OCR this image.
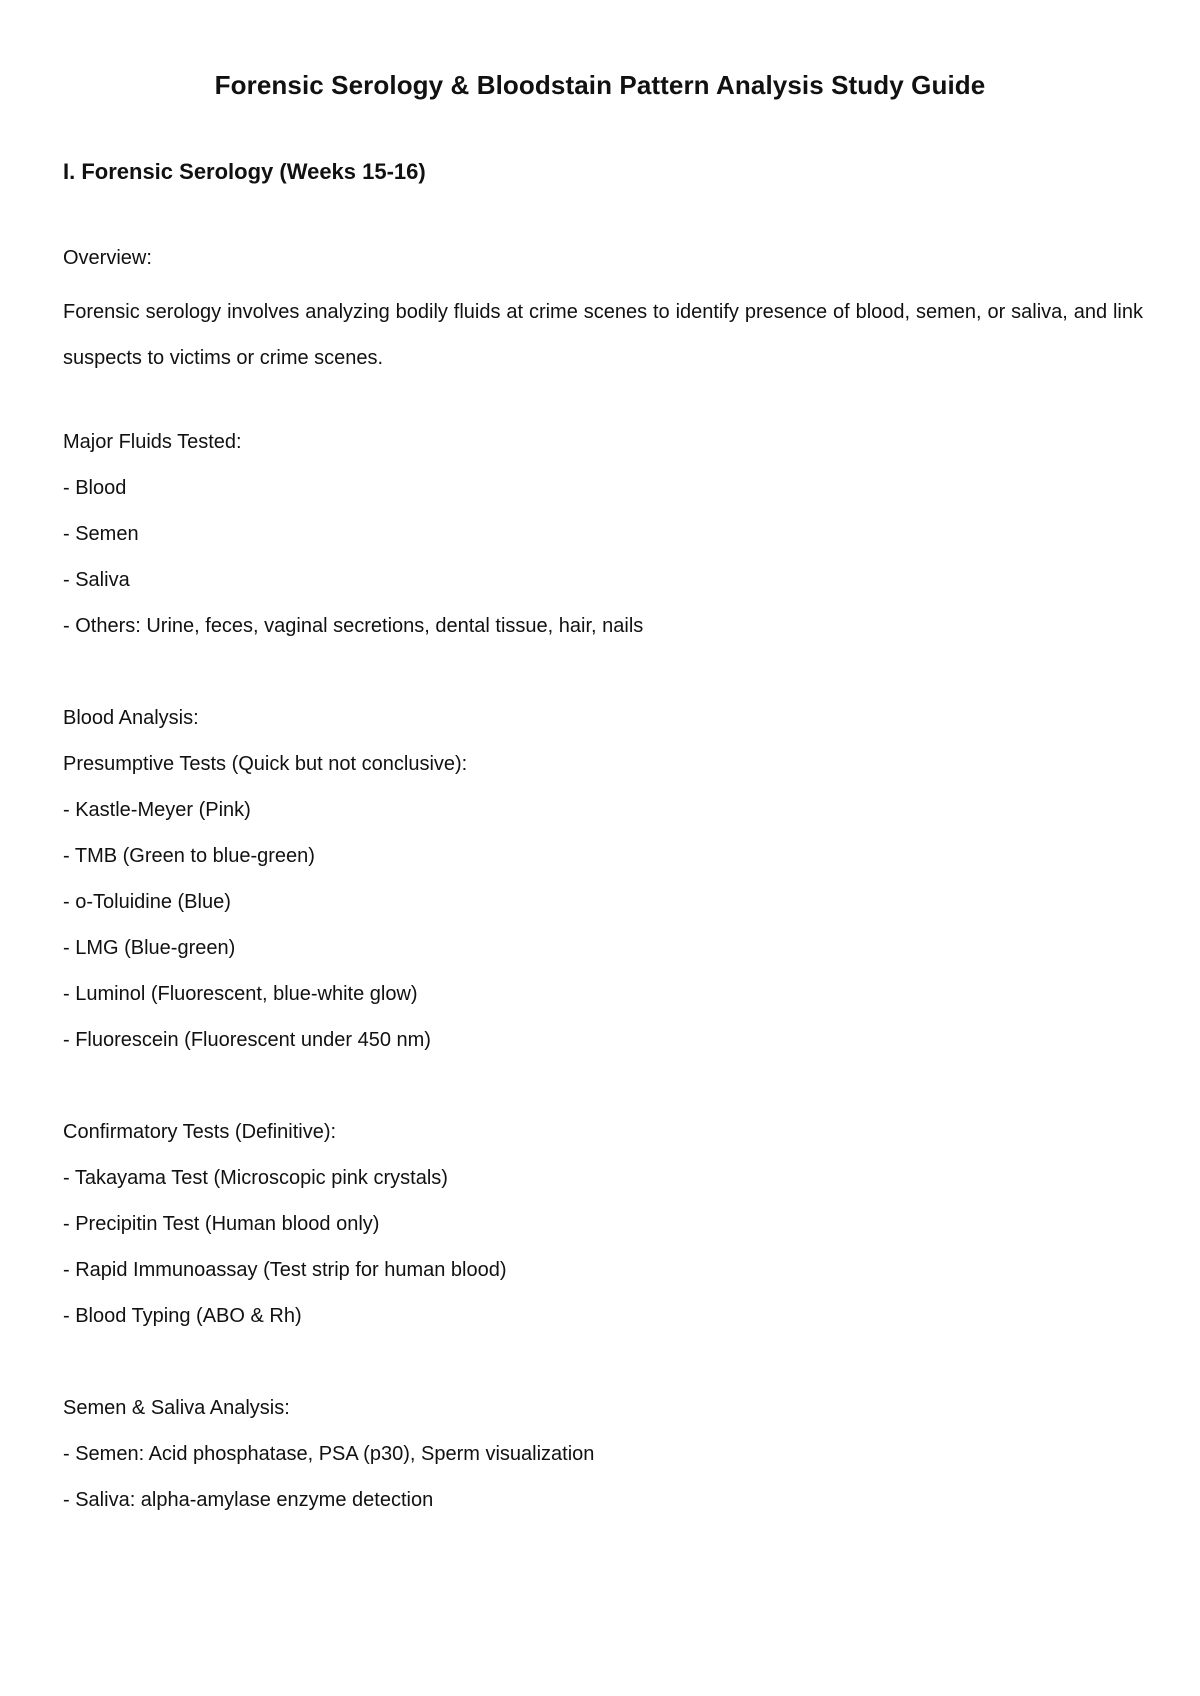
Forensic Serology & Bloodstain Pattern Analysis Study Guide
I. Forensic Serology (Weeks 15-16)
Overview:

Forensic serology involves analyzing bodily fluids at crime scenes to identify presence of blood, semen, or saliva, and link suspects to victims or crime scenes.

Major Fluids Tested:
- Blood
- Semen
- Saliva
- Others: Urine, feces, vaginal secretions, dental tissue, hair, nails
Blood Analysis:
Presumptive Tests (Quick but not conclusive):
- Kastle-Meyer (Pink)
- TMB (Green to blue-green)
- o-Toluidine (Blue)
- LMG (Blue-green)
- Luminol (Fluorescent, blue-white glow)
- Fluorescein (Fluorescent under 450 nm)
Confirmatory Tests (Definitive):
- Takayama Test (Microscopic pink crystals)
- Precipitin Test (Human blood only)
- Rapid Immunoassay (Test strip for human blood)
- Blood Typing (ABO & Rh)
Semen & Saliva Analysis:
- Semen: Acid phosphatase, PSA (p30), Sperm visualization
- Saliva: alpha-amylase enzyme detection
